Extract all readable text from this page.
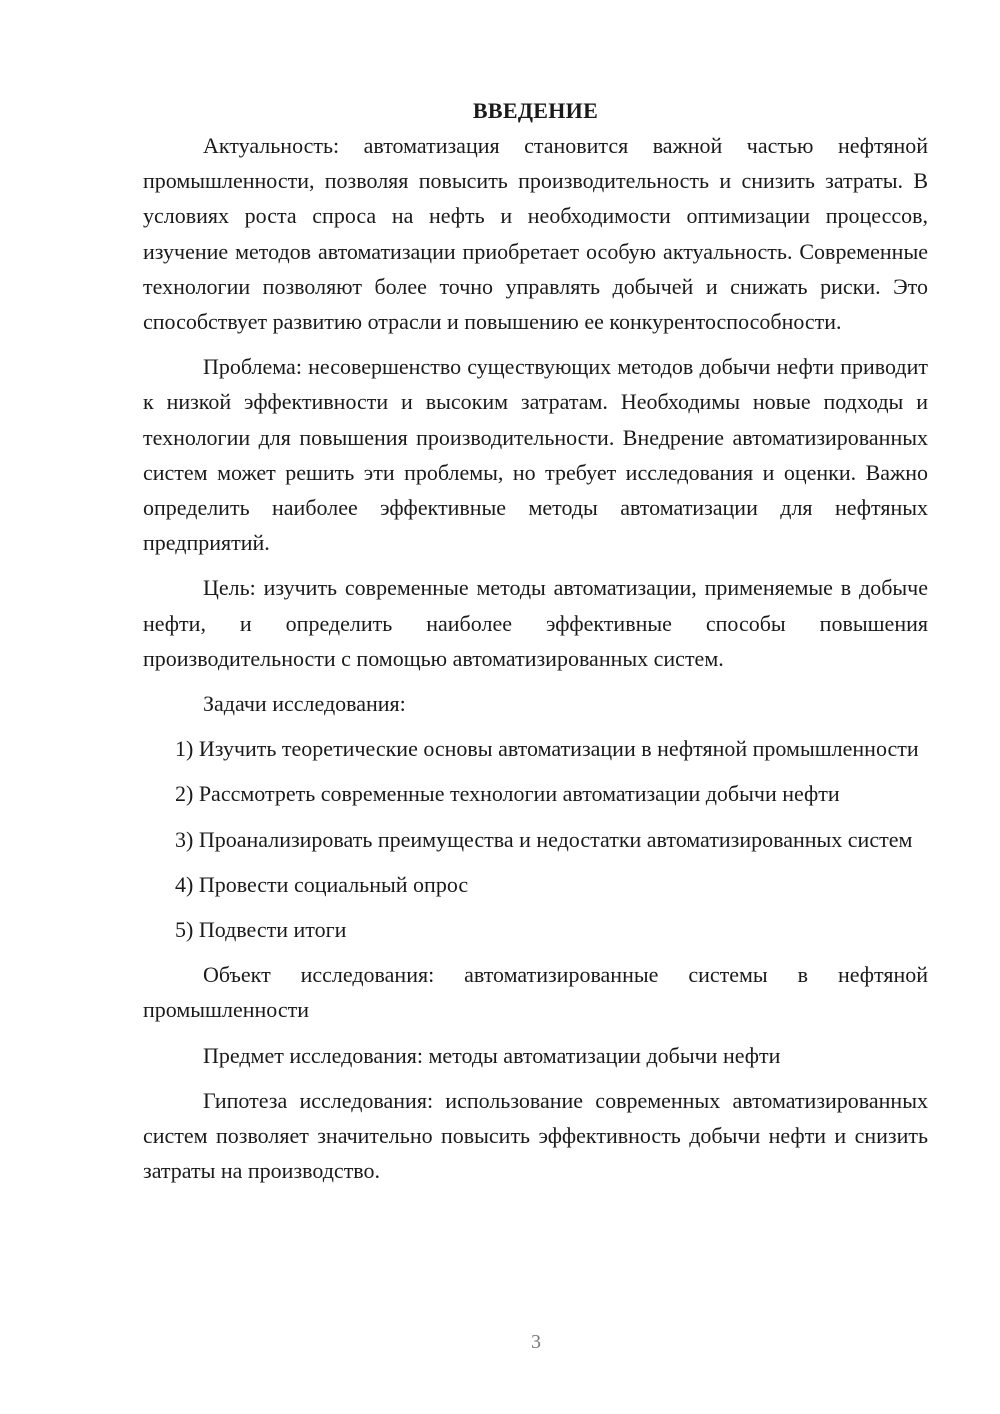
ВВЕДЕНИЕ

Актуальность: автоматизация становится важной частью нефтяной промышленности, позволяя повысить производительность и снизить затраты. В условиях роста спроса на нефть и необходимости оптимизации процессов, изучение методов автоматизации приобретает особую актуальность. Современные технологии позволяют более точно управлять добычей и снижать риски. Это способствует развитию отрасли и повышению ее конкурентоспособности.

Проблема: несовершенство существующих методов добычи нефти приводит к низкой эффективности и высоким затратам. Необходимы новые подходы и технологии для повышения производительности. Внедрение автоматизированных систем может решить эти проблемы, но требует исследования и оценки. Важно определить наиболее эффективные методы автоматизации для нефтяных предприятий.

Цель: изучить современные методы автоматизации, применяемые в добыче нефти, и определить наиболее эффективные способы повышения производительности с помощью автоматизированных систем.

Задачи исследования:

1) Изучить теоретические основы автоматизации в нефтяной промышленности

2) Рассмотреть современные технологии автоматизации добычи нефти

3) Проанализировать преимущества и недостатки автоматизированных систем

4) Провести социальный опрос

5) Подвести итоги

Объект исследования: автоматизированные системы в нефтяной промышленности

Предмет исследования: методы автоматизации добычи нефти

Гипотеза исследования: использование современных автоматизированных систем позволяет значительно повысить эффективность добычи нефти и снизить затраты на производство.

3
